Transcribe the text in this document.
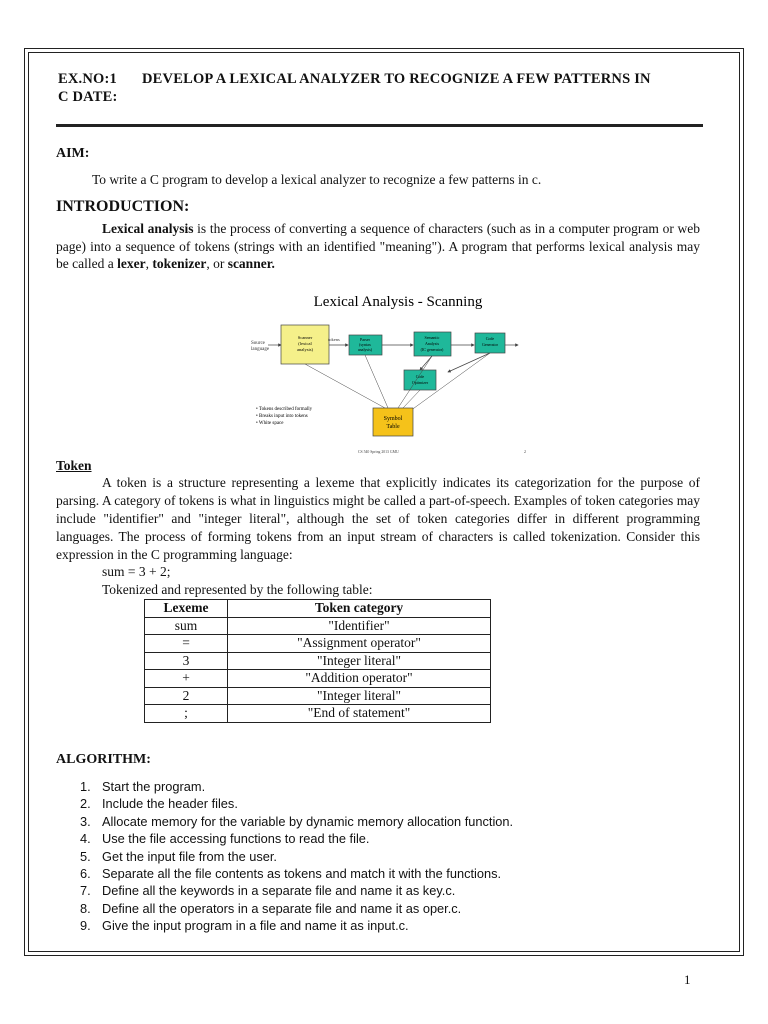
EX.NO:1 DEVELOP A LEXICAL ANALYZER TO RECOGNIZE A FEW PATTERNS IN
C DATE:
AIM:
To write a C program to develop a lexical analyzer to recognize a few patterns in c.
INTRODUCTION:
Lexical analysis is the process of converting a sequence of characters (such as in a computer program or web page) into a sequence of tokens (strings with an identified "meaning"). A program that performs lexical analysis may be called a lexer, tokenizer, or scanner.
Lexical Analysis - Scanning
Source
language
Scanner
(lexical
analysis)
tokens	Parser
(syntax
analysis)
Semantic
Analysis
(IC generator)
Code
Generator
Code
Optimizer
Symbol
Table
• Tokens described formally
• Breaks input into tokens
• White space
CS 540 Spring 2013 GMU	2
Token
A token is a structure representing a lexeme that explicitly indicates its categorization for the purpose of parsing. A category of tokens is what in linguistics might be called a part-of-speech. Examples of token categories may include "identifier" and "integer literal", although the set of token categories differ in different programming languages. The process of forming tokens from an input stream of characters is called tokenization. Consider this expression in the C programming language:
sum = 3 + 2;
Tokenized and represented by the following table:
Lexeme	Token category
sum	"Identifier"
=	"Assignment operator"
3	"Integer literal"
+	"Addition operator"
2	"Integer literal"
;	"End of statement"
ALGORITHM:
1. Start the program.
2. Include the header files.
3. Allocate memory for the variable by dynamic memory allocation function.
4. Use the file accessing functions to read the file.
5. Get the input file from the user.
6. Separate all the file contents as tokens and match it with the functions.
7. Define all the keywords in a separate file and name it as key.c.
8. Define all the operators in a separate file and name it as oper.c.
9. Give the input program in a file and name it as input.c.
1
